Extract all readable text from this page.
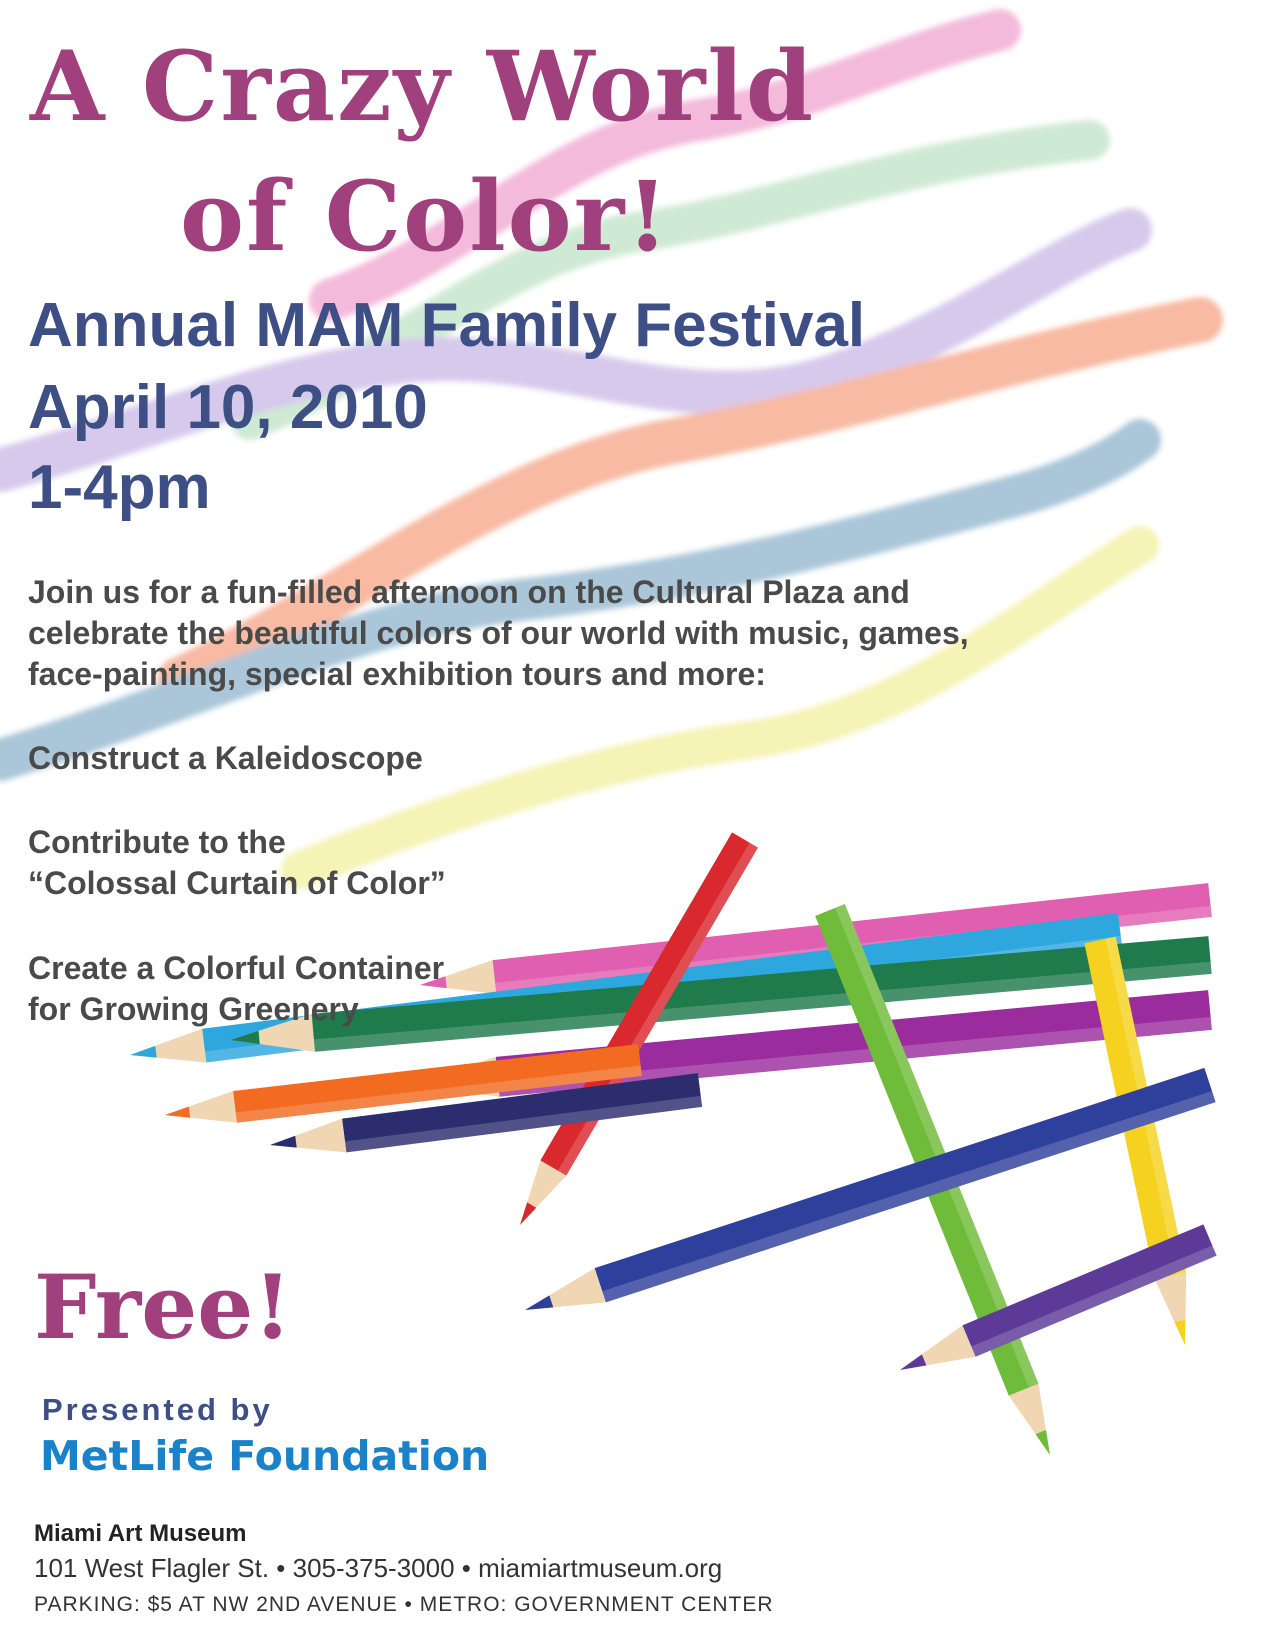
A Crazy World
of Color!
Annual MAM Family Festival
April 10, 2010
1-4pm
Join us for a fun-filled afternoon on the Cultural Plaza and
celebrate the beautiful colors of our world with music, games,
face-painting, special exhibition tours and more:
Construct a Kaleidoscope
Contribute to the
“Colossal Curtain of Color”
Create a Colorful Container
for Growing Greenery
Free!
Presented by
MetLife Foundation
Miami Art Museum
101 West Flagler St. • 305-375-3000 • miamiartmuseum.org
PARKING: $5 AT NW 2ND AVENUE • METRO: GOVERNMENT CENTER
